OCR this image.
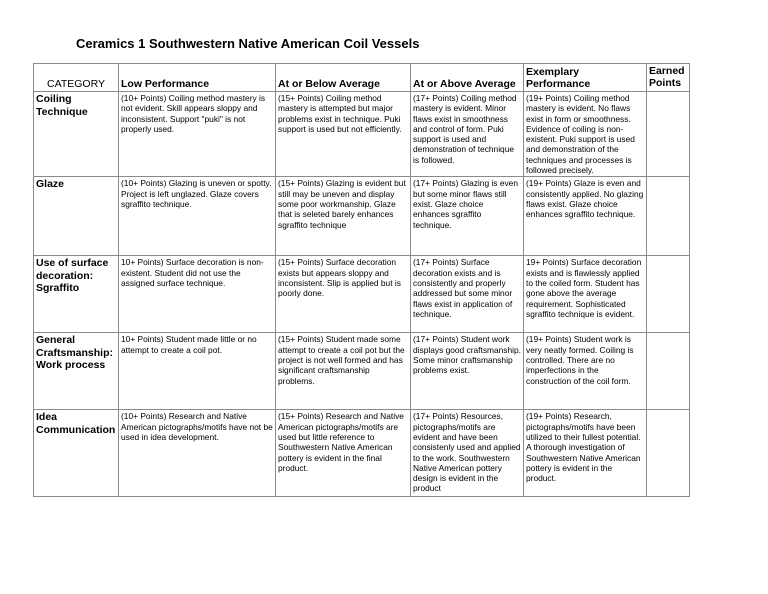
Ceramics 1 Southwestern Native American Coil Vessels
CATEGORY	Low Performance	At or Below Average	At or Above Average	Exemplary Performance	Earned Points
Coiling Technique	(10+ Points) Coiling method mastery is not evident. Skill appears sloppy and inconsistent. Support "puki" is not properly used.	(15+ Points) Coiling method mastery is attempted but major problems exist in technique. Puki support is used but not efficiently.	(17+ Points) Coiling method mastery is evident. Minor flaws exist in smoothness and control of form. Puki support is used and demonstration of technique is followed.	(19+ Points) Coiling method mastery is evident. No flaws exist in form or smoothness. Evidence of coiling is non-existent. Puki support is used and demonstration of the techniques and processes is followed precisely.	
Glaze	(10+ Points) Glazing is uneven or spotty. Project is left unglazed. Glaze covers sgraffito technique.	(15+ Points) Glazing is evident but still may be uneven and display some poor workmanship. Glaze that is seleted barely enhances sgraffito technique	(17+ Points) Glazing is even but some minor flaws still exist. Glaze choice enhances sgraffito technique.	(19+ Points) Glaze is even and consistently applied. No glazing flaws exist. Glaze choice enhances sgraffito technique.	
Use of surface decoration: Sgraffito	10+ Points) Surface decoration is non-existent. Student did not use the assigned surface technique.	(15+ Points) Surface decoration exists but appears sloppy and inconsistent. Slip is applied but is poorly done.	(17+ Points) Surface decoration exists and is consistently and properly addressed but some minor flaws exist in application of technique.	19+ Points) Surface decoration exists and is flawlessly applied to the coiled form. Student has gone above the average requirement. Sophisticated sgraffito technique is evident.	
General Craftsmanship: Work process	10+ Points) Student made little or no attempt to create a coil pot.	(15+ Points) Student made some attempt to create a coil pot but the project is not well formed and has significant craftsmanship problems.	(17+ Points) Student work displays good craftsmanship. Some minor craftsmanship problems exist.	(19+ Points) Student work is very neatly formed. Coiling is controlled. There are no imperfections in the construction of the coil form.	
Idea Communication	(10+ Points) Research and Native American pictographs/motifs have not be used in idea development.	(15+ Points) Research and Native American pictographs/motifs are used but little reference to Southwestern Native American pottery is evident in the final product.	(17+ Points) Resources, pictographs/motifs are evident and have been consistenly used and applied to the work. Southwestern Native American pottery design is evident in the product	(19+ Points) Research, pictographs/motifs have been utilized to their fullest potential. A thorough investigation of Southwestern Native American pottery is evident in the product.	
